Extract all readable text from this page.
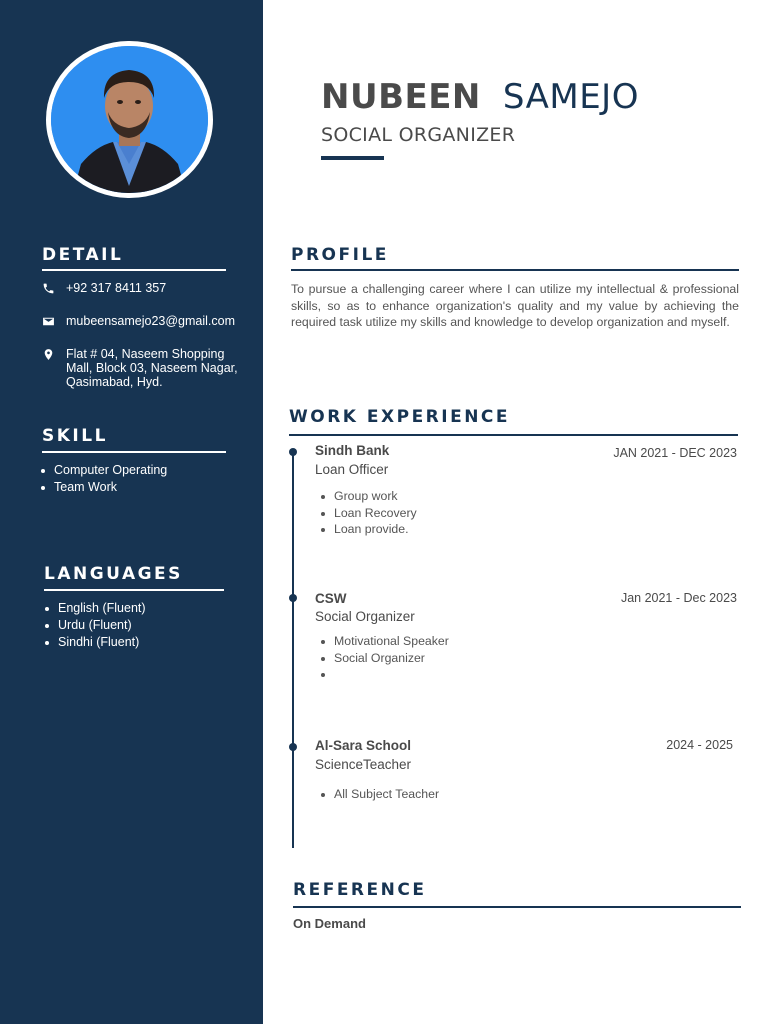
DETAIL
+92 317 8411 357
mubeensamejo23@gmail.com
Flat # 04, Naseem Shopping Mall, Block 03, Naseem Nagar, Qasimabad, Hyd.
SKILL
Computer Operating
Team Work
LANGUAGES
English (Fluent)
Urdu (Fluent)
Sindhi (Fluent)
NUBEEN SAMEJO
SOCIAL ORGANIZER
PROFILE

To pursue a challenging career where I can utilize my intellectual & professional skills, so as to enhance organization's quality and my value by achieving the required task utilize my skills and knowledge to develop organization and myself.

WORK EXPERIENCE
Sindh Bank	JAN 2021 - DEC 2023
Loan Officer
Group work
Loan Recovery
Loan provide.
CSW	Jan 2021 - Dec 2023
Social Organizer
Motivational Speaker
Social Organizer
Al-Sara School	2024 - 2025
ScienceTeacher
All Subject Teacher
REFERENCE
On Demand
